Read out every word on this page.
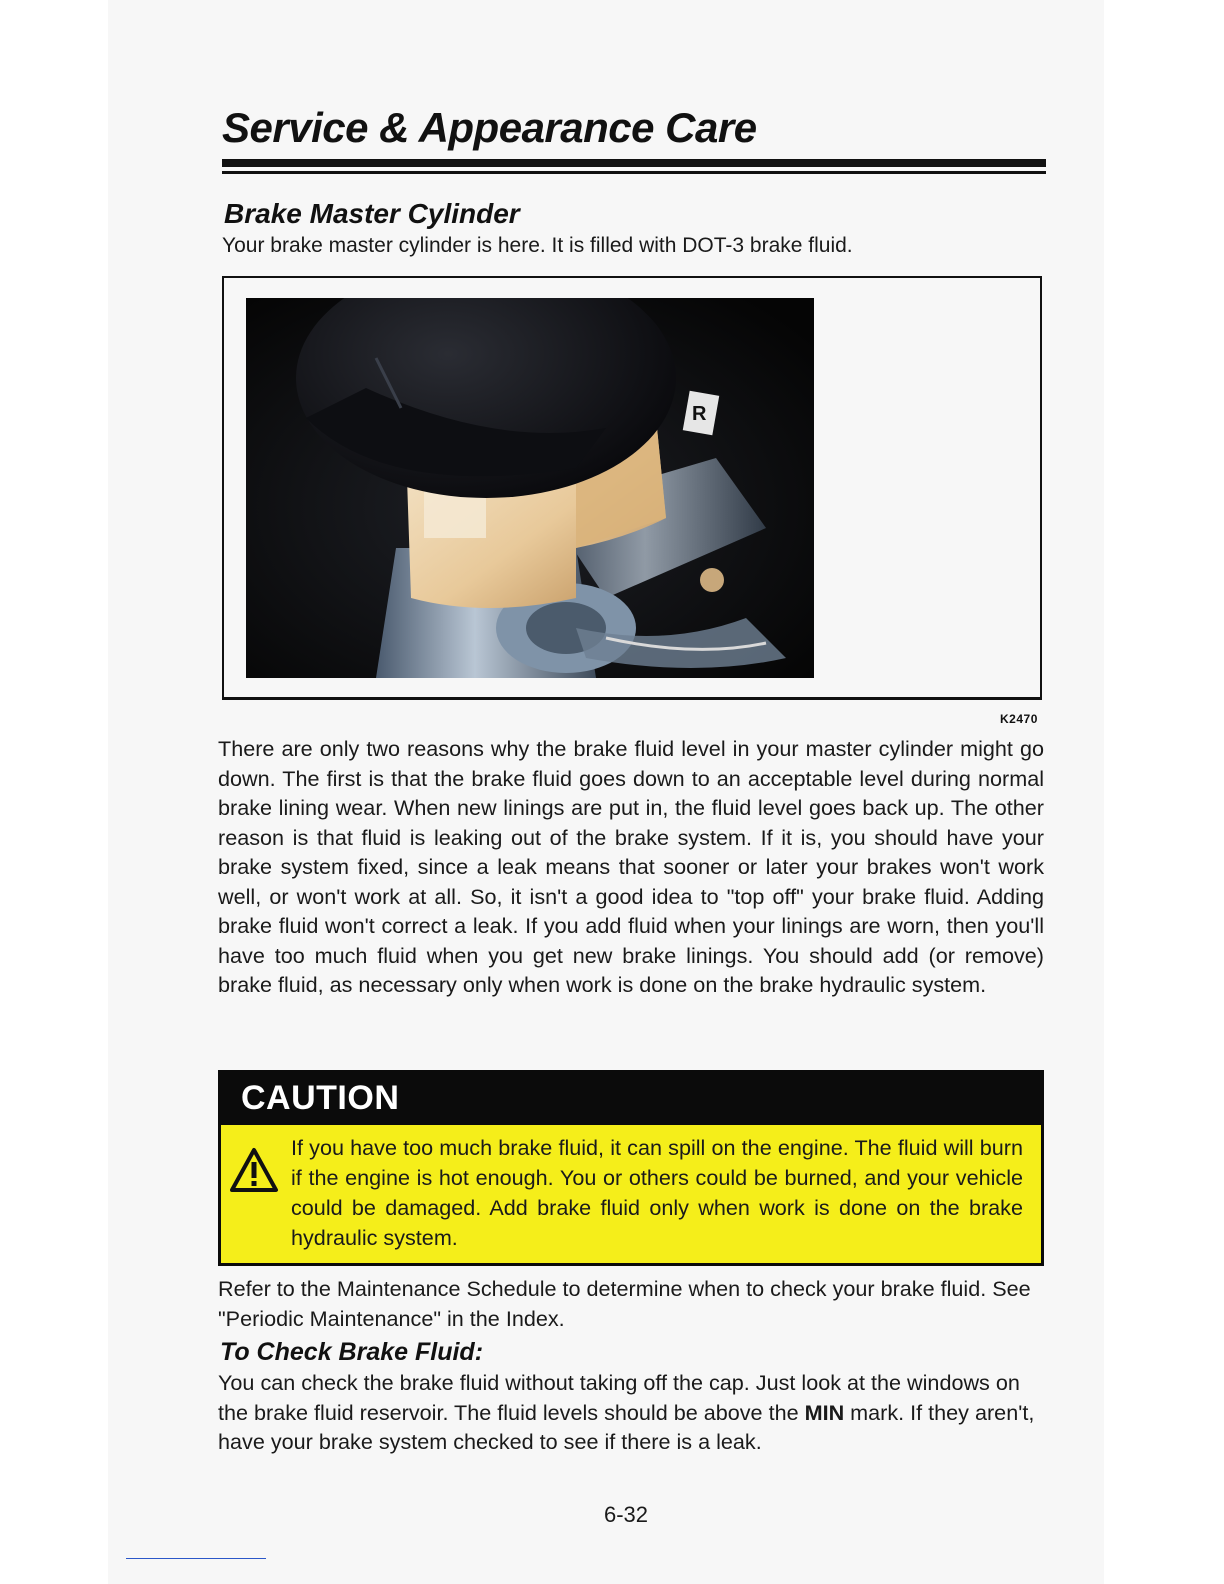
Service & Appearance Care
Brake Master Cylinder
Your brake master cylinder is here. It is filled with DOT-3 brake fluid.
R
K2470

There are only two reasons why the brake fluid level in your master cylinder might go down. The first is that the brake fluid goes down to an acceptable level during normal brake lining wear. When new linings are put in, the fluid level goes back up. The other reason is that fluid is leaking out of the brake system. If it is, you should have your brake system fixed, since a leak means that sooner or later your brakes won't work well, or won't work at all. So, it isn't a good idea to "top off" your brake fluid. Adding brake fluid won't correct a leak. If you add fluid when your linings are worn, then you'll have too much fluid when you get new brake linings. You should add (or remove) brake fluid, as necessary only when work is done on the brake hydraulic system.

CAUTION

If you have too much brake fluid, it can spill on the engine. The fluid will burn if the engine is hot enough. You or others could be burned, and your vehicle could be damaged. Add brake fluid only when work is done on the brake hydraulic system.

Refer to the Maintenance Schedule to determine when to check your brake fluid. See "Periodic Maintenance" in the Index.

To Check Brake Fluid:

You can check the brake fluid without taking off the cap. Just look at the windows on the brake fluid reservoir. The fluid levels should be above the MIN mark. If they aren't, have your brake system checked to see if there is a leak.

6-32
